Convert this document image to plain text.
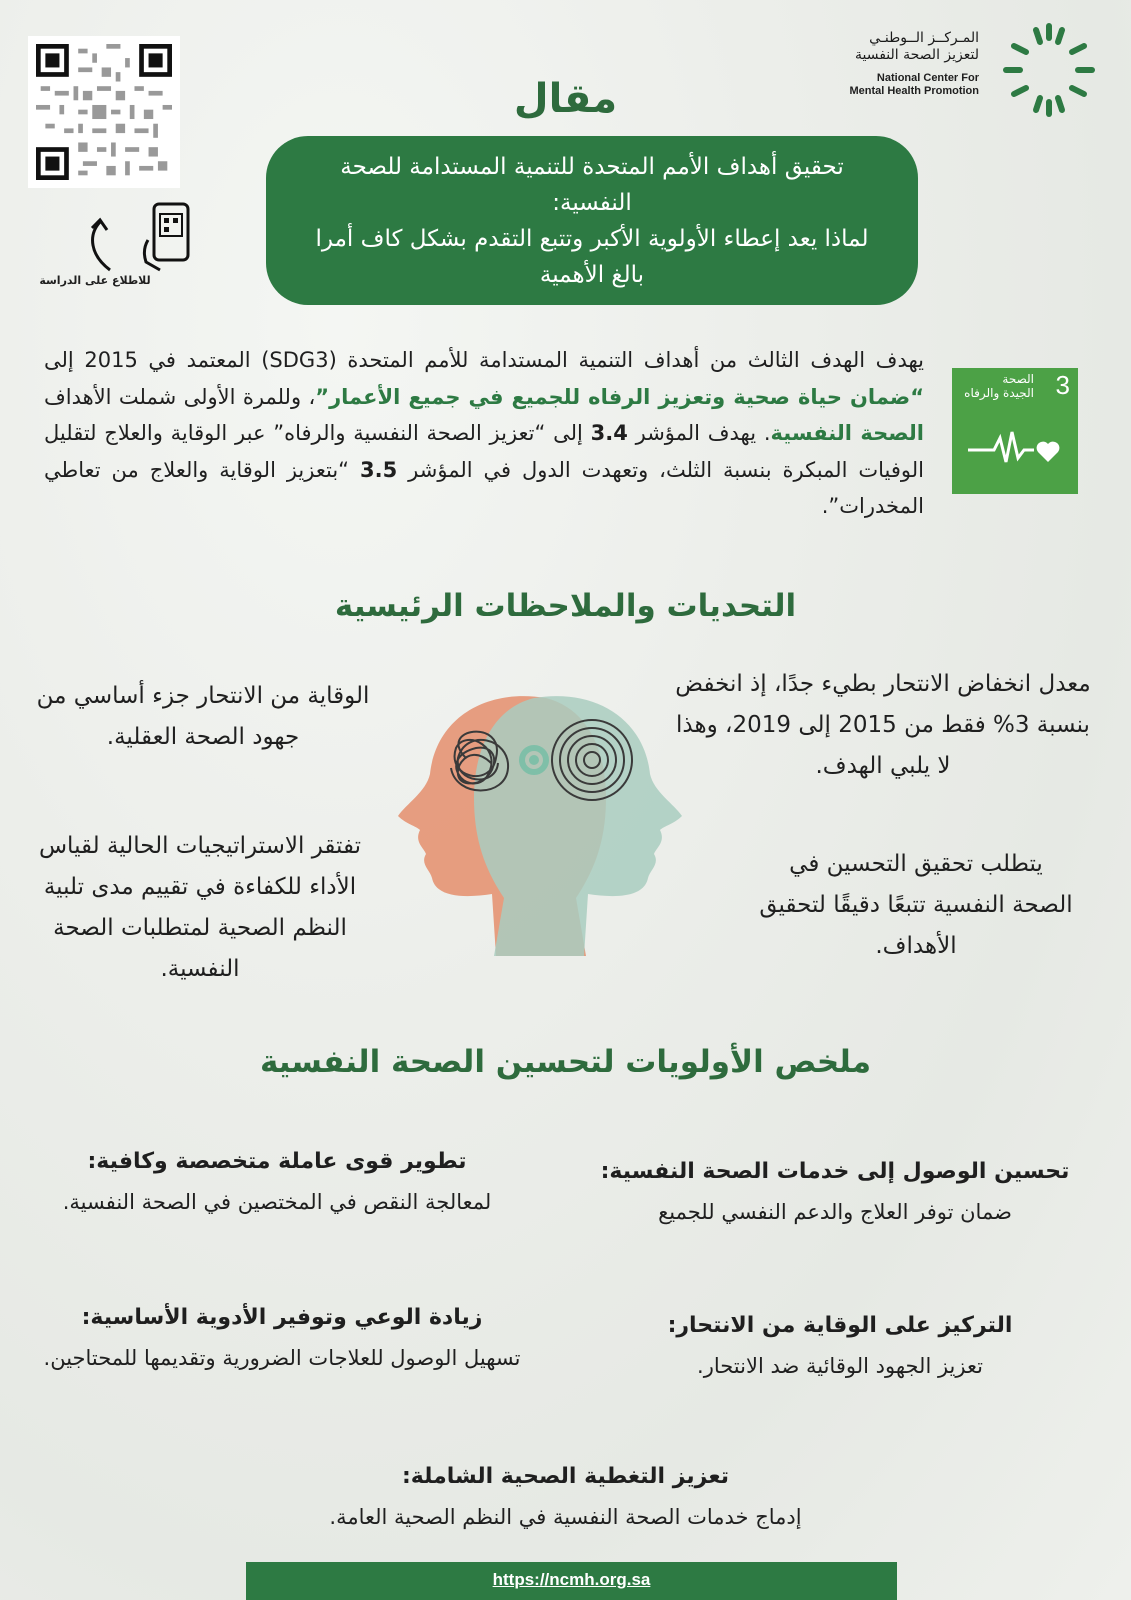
للاطلاع على الدراسة
المـركــز الــوطنـي
لتعزيز الصحة النفسية
National Center For
Mental Health Promotion
مقال
تحقيق أهداف الأمم المتحدة للتنمية المستدامة للصحة
النفسية:
لماذا يعد إعطاء الأولوية الأكبر وتتبع التقدم بشكل كاف أمرا
بالغ الأهمية

يهدف الهدف الثالث من أهداف التنمية المستدامة للأمم المتحدة (SDG3) المعتمد في 2015 إلى “ضمان حياة صحية وتعزيز الرفاه للجميع في جميع الأعمار”، وللمرة الأولى شملت الأهداف الصحة النفسية. يهدف المؤشر 3.4 إلى “تعزيز الصحة النفسية والرفاه” عبر الوقاية والعلاج لتقليل الوفيات المبكرة بنسبة الثلث، وتعهدت الدول في المؤشر 3.5 “بتعزيز الوقاية والعلاج من تعاطي المخدرات”.

3
الصحة
الجيدة والرفاه
التحديات والملاحظات الرئيسية

معدل انخفاض الانتحار بطيء جدًا، إذ انخفض بنسبة 3% فقط من 2015 إلى 2019، وهذا لا يلبي الهدف.

يتطلب تحقيق التحسين في الصحة النفسية تتبعًا دقيقًا لتحقيق الأهداف.

الوقاية من الانتحار جزء أساسي من جهود الصحة العقلية.

تفتقر الاستراتيجيات الحالية لقياس الأداء للكفاءة في تقييم مدى تلبية النظم الصحية لمتطلبات الصحة النفسية.

ملخص الأولويات لتحسين الصحة النفسية
تحسين الوصول إلى خدمات الصحة النفسية:
ضمان توفر العلاج والدعم النفسي للجميع
تطوير قوى عاملة متخصصة وكافية:
لمعالجة النقص في المختصين في الصحة النفسية.
التركيز على الوقاية من الانتحار:
تعزيز الجهود الوقائية ضد الانتحار.
زيادة الوعي وتوفير الأدوية الأساسية:
تسهيل الوصول للعلاجات الضرورية وتقديمها للمحتاجين.
تعزيز التغطية الصحية الشاملة:
إدماج خدمات الصحة النفسية في النظم الصحية العامة.
https://ncmh.org.sa
